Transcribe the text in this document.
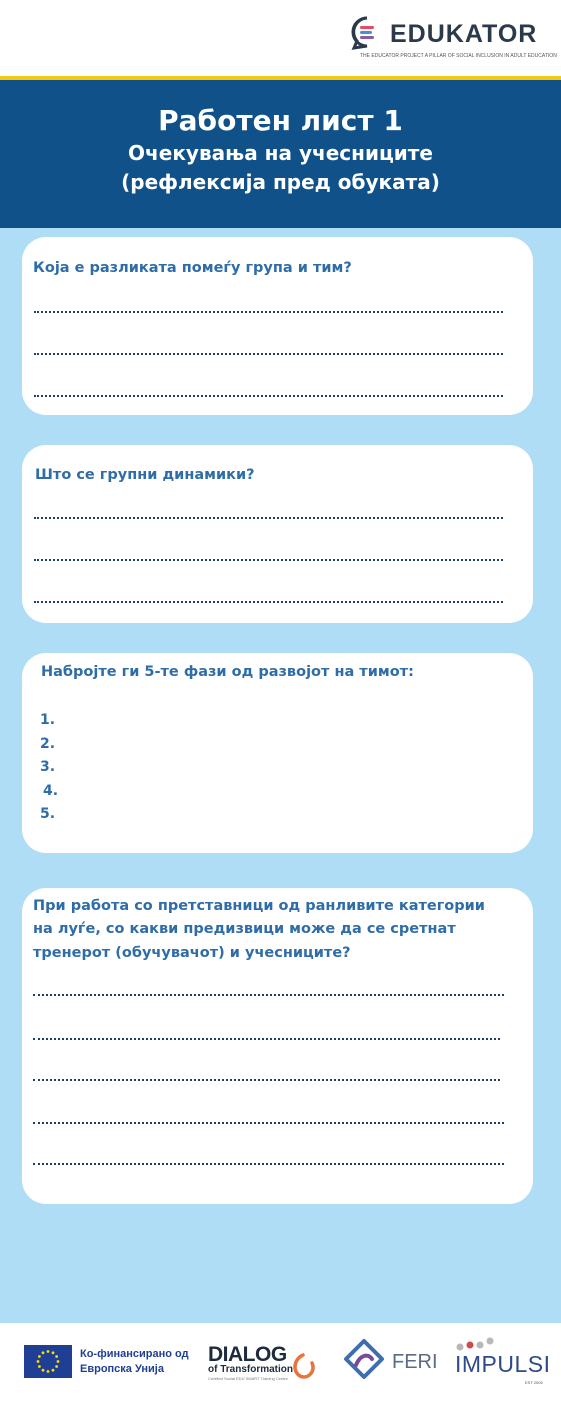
EDUKATOR
THE EDUCATOR PROJECT A PILLAR OF SOCIAL INCLUSION IN ADULT EDUCATION
Работен лист 1
Очекувања на учесниците
(рефлексија пред обуката)
Која е разликата помеѓу група и тим?
Што се групни динамики?
Набројте ги 5-те фази од развојот на тимот:
1.
2.
3.
4.
5.
При работа со претставници од ранливите категории
на луѓе, со какви предизвици може да се сретнат
тренерот (обучувачот) и учесниците?
Ко-финансирано од
Европска Унија
DIALOG
of Transformation
Certified Social EDU SMART Training Centre
FERI IMPULSI
EST 2005
